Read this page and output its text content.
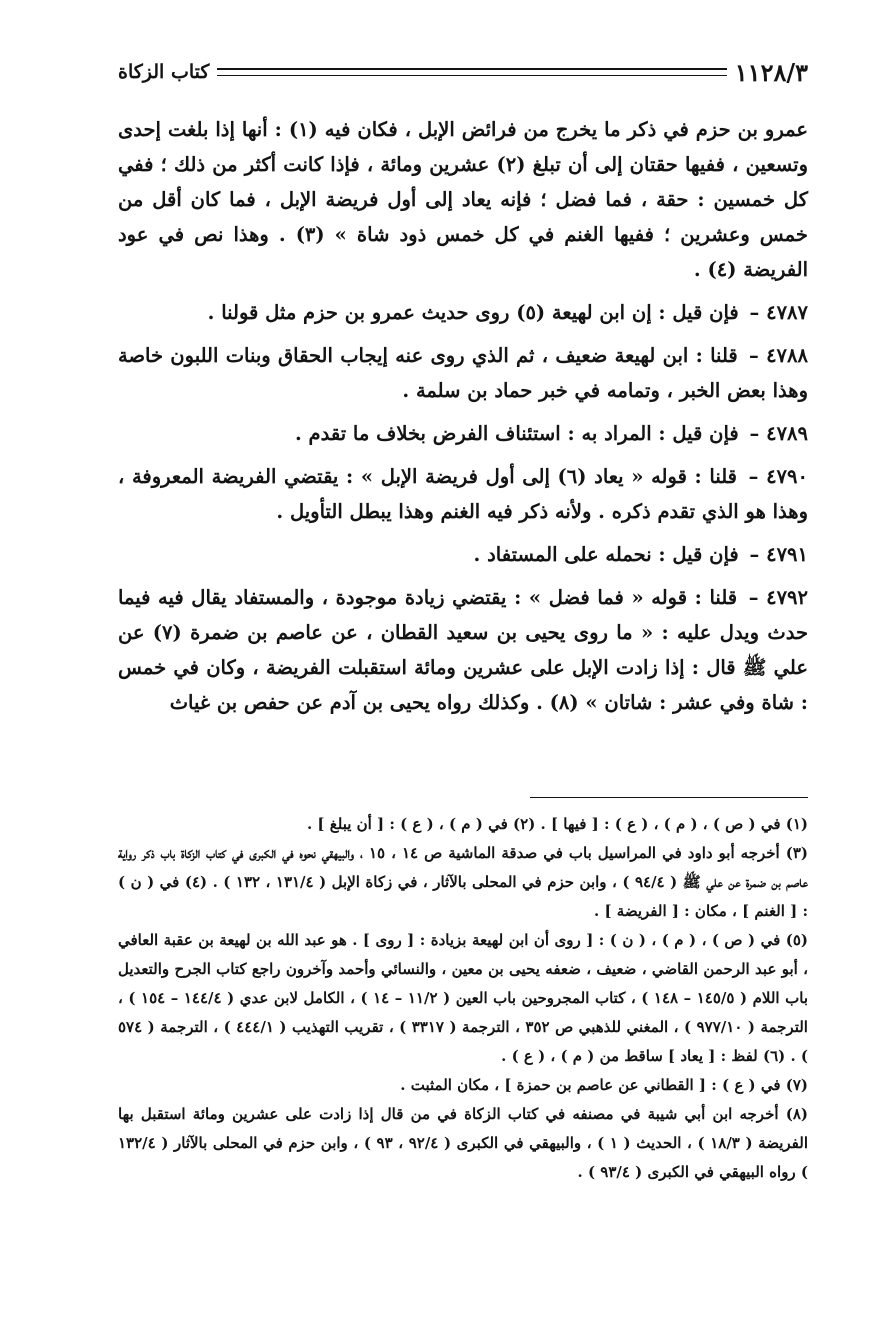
كتاب الزكاة	١١٢٨/٣

عمرو بن حزم في ذكر ما يخرج من فرائض الإبل ، فكان فيه (١) : أنها إذا بلغت إحدى وتسعين ، ففيها حقتان إلى أن تبلغ (٢) عشرين ومائة ، فإذا كانت أكثر من ذلك ؛ ففي كل خمسين : حقة ، فما فضل ؛ فإنه يعاد إلى أول فريضة الإبل ، فما كان أقل من خمس وعشرين ؛ ففيها الغنم في كل خمس ذود شاة » (٣) . وهذا نص في عود الفريضة (٤) .

٤٧٨٧ – فإن قيل : إن ابن لهيعة (٥) روى حديث عمرو بن حزم مثل قولنا .

٤٧٨٨ – قلنا : ابن لهيعة ضعيف ، ثم الذي روى عنه إيجاب الحقاق وبنات اللبون خاصة وهذا بعض الخبر ، وتمامه في خبر حماد بن سلمة .

٤٧٨٩ – فإن قيل : المراد به : استئناف الفرض بخلاف ما تقدم .

٤٧٩٠ – قلنا : قوله « يعاد (٦) إلى أول فريضة الإبل » : يقتضي الفريضة المعروفة ، وهذا هو الذي تقدم ذكره . ولأنه ذكر فيه الغنم وهذا يبطل التأويل .

٤٧٩١ – فإن قيل : نحمله على المستفاد .

٤٧٩٢ – قلنا : قوله « فما فضل » : يقتضي زيادة موجودة ، والمستفاد يقال فيه فيما حدث ويدل عليه : « ما روى يحيى بن سعيد القطان ، عن عاصم بن ضمرة (٧) عن علي ﷺ قال : إذا زادت الإبل على عشرين ومائة استقبلت الفريضة ، وكان في خمس : شاة وفي عشر : شاتان » (٨) . وكذلك رواه يحيى بن آدم عن حفص بن غياث

(١) في ( ص ) ، ( م ) ، ( ع ) : [ فيها ] . (٢) في ( م ) ، ( ع ) : [ أن يبلغ ] .

(٣) أخرجه أبو داود في المراسيل باب في صدقة الماشية ص ١٤ ، ١٥ ، والبيهقي نحوه في الكبرى في كتاب الزكاة باب ذكر رواية عاصم بن ضمرة عن علي ﷺ ( ٩٤/٤ ) ، وابن حزم في المحلى بالآثار ، في زكاة الإبل ( ١٣١/٤ ، ١٣٢ ) . (٤) في ( ن ) : [ الغنم ] ، مكان : [ الفريضة ] .

(٥) في ( ص ) ، ( م ) ، ( ن ) : [ روى أن ابن لهيعة بزيادة : [ روى ] . هو عبد الله بن لهيعة بن عقبة العافي ، أبو عبد الرحمن القاضي ، ضعيف ، ضعفه يحيى بن معين ، والنسائي وأحمد وآخرون راجع كتاب الجرح والتعديل باب اللام ( ١٤٥/٥ – ١٤٨ ) ، كتاب المجروحين باب العين ( ١١/٢ – ١٤ ) ، الكامل لابن عدي ( ١٤٤/٤ – ١٥٤ ) ، الترجمة ( ٩٧٧/١٠ ) ، المغني للذهبي ص ٣٥٢ ، الترجمة ( ٣٣١٧ ) ، تقريب التهذيب ( ٤٤٤/١ ) ، الترجمة ( ٥٧٤ ) . (٦) لفظ : [ يعاد ] ساقط من ( م ) ، ( ع ) .

(٧) في ( ع ) : [ القطاني عن عاصم بن حمزة ] ، مكان المثبت .

(٨) أخرجه ابن أبي شيبة في مصنفه في كتاب الزكاة في من قال إذا زادت على عشرين ومائة استقبل بها الفريضة ( ١٨/٣ ) ، الحديث ( ١ ) ، والبيهقي في الكبرى ( ٩٢/٤ ، ٩٣ ) ، وابن حزم في المحلى بالآثار ( ١٣٢/٤ ) رواه البيهقي في الكبرى ( ٩٣/٤ ) .
